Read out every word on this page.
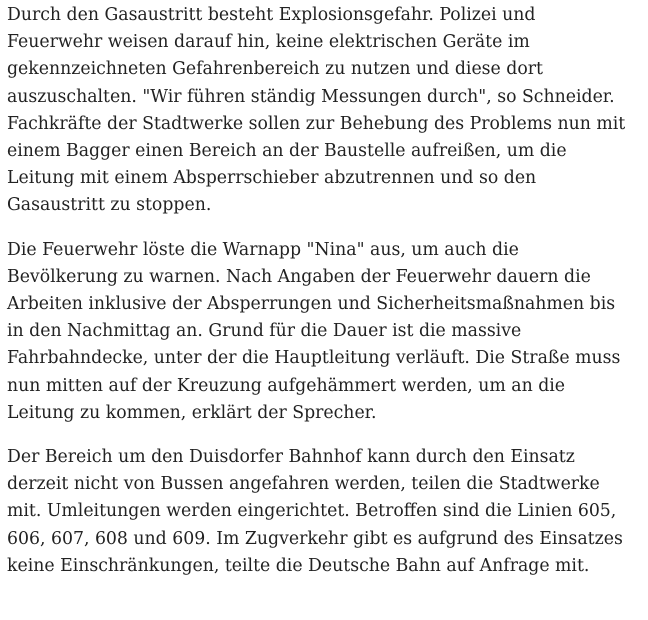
Durch den Gasaustritt besteht Explosionsgefahr. Polizei und
Feuerwehr weisen darauf hin, keine elektrischen Geräte im
gekennzeichneten Gefahrenbereich zu nutzen und diese dort
auszuschalten. "Wir führen ständig Messungen durch", so Schneider.
Fachkräfte der Stadtwerke sollen zur Behebung des Problems nun mit
einem Bagger einen Bereich an der Baustelle aufreißen, um die
Leitung mit einem Absperrschieber abzutrennen und so den
Gasaustritt zu stoppen.

Die Feuerwehr löste die Warnapp "Nina" aus, um auch die
Bevölkerung zu warnen. Nach Angaben der Feuerwehr dauern die
Arbeiten inklusive der Absperrungen und Sicherheitsmaßnahmen bis
in den Nachmittag an. Grund für die Dauer ist die massive
Fahrbahndecke, unter der die Hauptleitung verläuft. Die Straße muss
nun mitten auf der Kreuzung aufgehämmert werden, um an die
Leitung zu kommen, erklärt der Sprecher.

Der Bereich um den Duisdorfer Bahnhof kann durch den Einsatz
derzeit nicht von Bussen angefahren werden, teilen die Stadtwerke
mit. Umleitungen werden eingerichtet. Betroffen sind die Linien 605,
606, 607, 608 und 609. Im Zugverkehr gibt es aufgrund des Einsatzes
keine Einschränkungen, teilte die Deutsche Bahn auf Anfrage mit.
